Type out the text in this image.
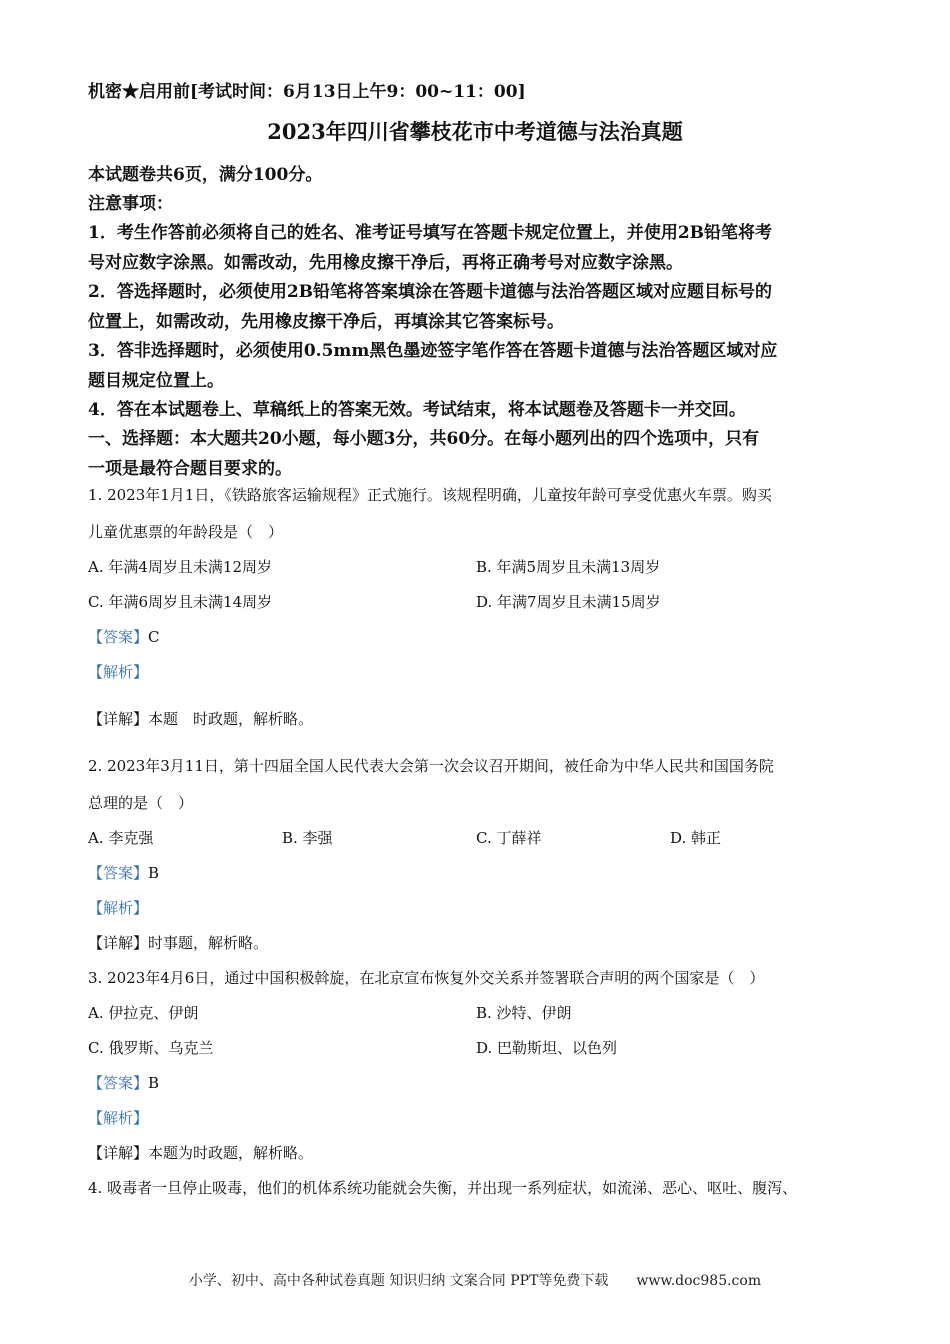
机密★启用前[考试时间：6月13日上午9：00~11：00]
2023年四川省攀枝花市中考道德与法治真题
本试题卷共6页，满分100分。
注意事项：
1．考生作答前必须将自己的姓名、准考证号填写在答题卡规定位置上，并使用2B铅笔将考
号对应数字涂黑。如需改动，先用橡皮擦干净后，再将正确考号对应数字涂黑。
2．答选择题时，必须使用2B铅笔将答案填涂在答题卡道德与法治答题区域对应题目标号的
位置上，如需改动，先用橡皮擦干净后，再填涂其它答案标号。
3．答非选择题时，必须使用0.5mm黑色墨迹签字笔作答在答题卡道德与法治答题区域对应
题目规定位置上。
4．答在本试题卷上、草稿纸上的答案无效。考试结束，将本试题卷及答题卡一并交回。
一、选择题：本大题共20小题，每小题3分，共60分。在每小题列出的四个选项中，只有
一项是最符合题目要求的。
1. 2023年1月1日，《铁路旅客运输规程》正式施行。该规程明确，儿童按年龄可享受优惠火车票。购买
儿童优惠票的年龄段是（　）
A. 年满4周岁且未满12周岁	B. 年满5周岁且未满13周岁
C. 年满6周岁且未满14周岁	D. 年满7周岁且未满15周岁
【答案】C
【解析】
【详解】本题　时政题，解析略。
2. 2023年3月11日，第十四届全国人民代表大会第一次会议召开期间，被任命为中华人民共和国国务院
总理的是（　）
A. 李克强	B. 李强	C. 丁薛祥	D. 韩正
【答案】B
【解析】
【详解】时事题，解析略。
3. 2023年4月6日，通过中国积极斡旋，在北京宣布恢复外交关系并签署联合声明的两个国家是（　）
A. 伊拉克、伊朗	B. 沙特、伊朗
C. 俄罗斯、乌克兰	D. 巴勒斯坦、以色列
【答案】B
【解析】
【详解】本题为时政题，解析略。
4. 吸毒者一旦停止吸毒，他们的机体系统功能就会失衡，并出现一系列症状，如流涕、恶心、呕吐、腹泻、
小学、初中、高中各种试卷真题 知识归纳 文案合同 PPT等免费下载　　www.doc985.com
